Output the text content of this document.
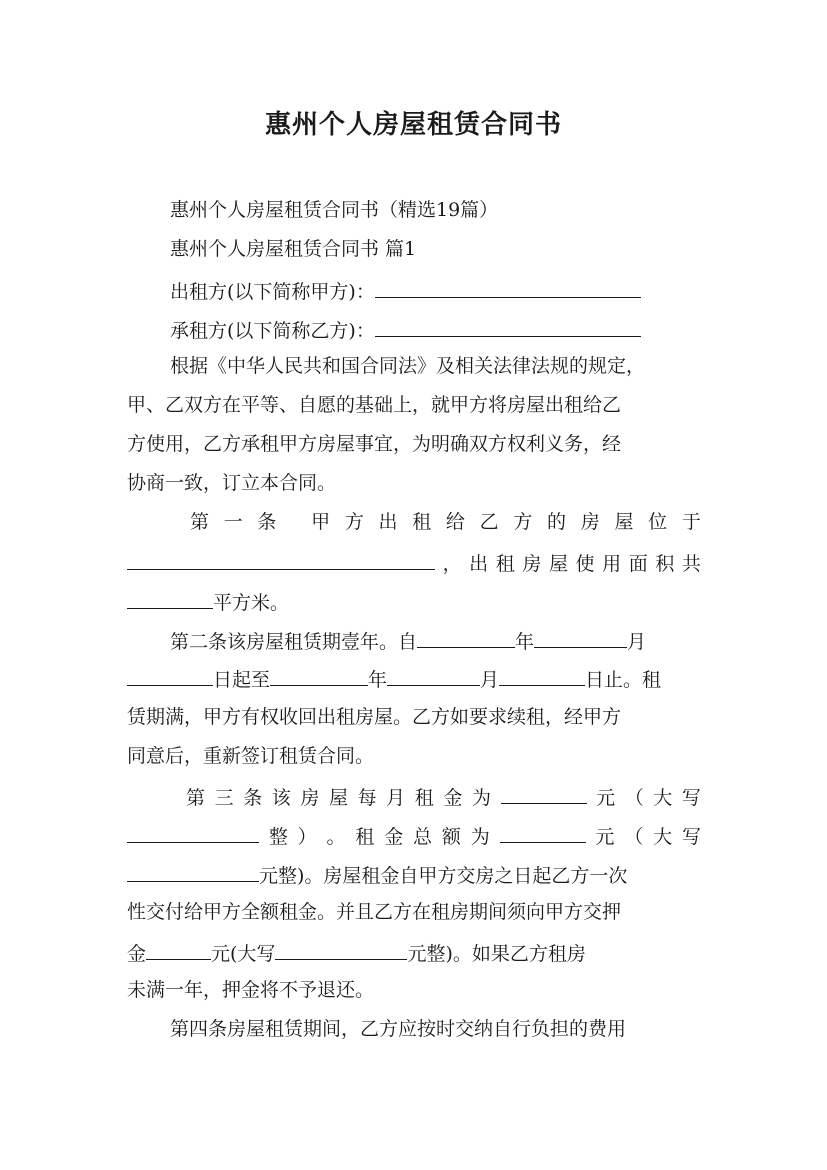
惠州个人房屋租赁合同书
惠州个人房屋租赁合同书（精选19篇）
惠州个人房屋租赁合同书 篇1
出租方(以下简称甲方)：
承租方(以下简称乙方)：
根据《中华人民共和国合同法》及相关法律法规的规定，
甲、乙双方在平等、自愿的基础上，就甲方将房屋出租给乙
方使用，乙方承租甲方房屋事宜，为明确双方权利义务，经
协商一致，订立本合同。
第 一 条 甲 方 出 租 给 乙 方 的 房 屋 位 于
， 出 租 房 屋 使 用 面 积 共
平方米。
第二条该房屋租赁期壹年。自	年	月
日起至	年	月	日止。租
赁期满，甲方有权收回出租房屋。乙方如要求续租，经甲方
同意后，重新签订租赁合同。
第 三 条 该 房 屋 每 月 租 金 为	元 （ 大 写
整 ） 。 租 金 总 额 为	元 （ 大 写
元整)。房屋租金自甲方交房之日起乙方一次
性交付给甲方全额租金。并且乙方在租房期间须向甲方交押
金	元(大写	元整)。如果乙方租房
未满一年，押金将不予退还。
第四条房屋租赁期间，乙方应按时交纳自行负担的费用
